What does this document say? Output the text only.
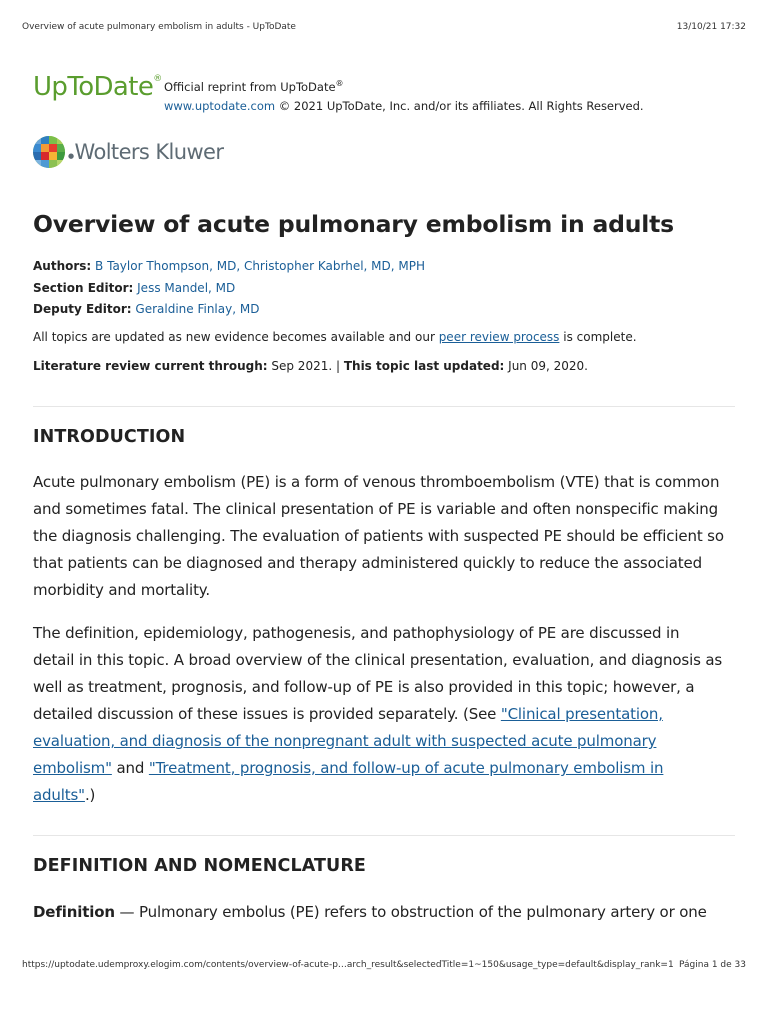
Overview of acute pulmonary embolism in adults - UpToDate	13/10/21 17:32
UpToDate®
Official reprint from UpToDate®
www.uptodate.com © 2021 UpToDate, Inc. and/or its affiliates. All Rights Reserved.
●Wolters Kluwer
Overview of acute pulmonary embolism in adults
Authors: B Taylor Thompson, MD, Christopher Kabrhel, MD, MPH
Section Editor: Jess Mandel, MD
Deputy Editor: Geraldine Finlay, MD
All topics are updated as new evidence becomes available and our peer review process is complete.
Literature review current through: Sep 2021. | This topic last updated: Jun 09, 2020.
INTRODUCTION
Acute pulmonary embolism (PE) is a form of venous thromboembolism (VTE) that is common
and sometimes fatal. The clinical presentation of PE is variable and often nonspecific making
the diagnosis challenging. The evaluation of patients with suspected PE should be efficient so
that patients can be diagnosed and therapy administered quickly to reduce the associated
morbidity and mortality.
The definition, epidemiology, pathogenesis, and pathophysiology of PE are discussed in
detail in this topic. A broad overview of the clinical presentation, evaluation, and diagnosis as
well as treatment, prognosis, and follow-up of PE is also provided in this topic; however, a
detailed discussion of these issues is provided separately. (See "Clinical presentation,
evaluation, and diagnosis of the nonpregnant adult with suspected acute pulmonary
embolism" and "Treatment, prognosis, and follow-up of acute pulmonary embolism in
adults".)
DEFINITION AND NOMENCLATURE
Definition — Pulmonary embolus (PE) refers to obstruction of the pulmonary artery or one
https://uptodate.udemproxy.elogim.com/contents/overview-of-acute-p…arch_result&selectedTitle=1~150&usage_type=default&display_rank=1 Página 1 de 33
